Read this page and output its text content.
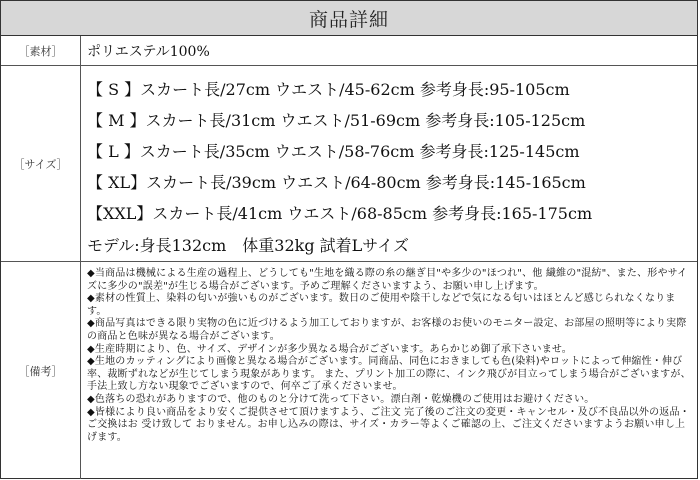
商品詳細
［素材］	ポリエステル100%
［サイズ］
【 S 】スカート長/27cm ウエスト/45-62cm 参考身長:95-105cm
【 M 】スカート長/31cm ウエスト/51-69cm 参考身長:105-125cm
【 L 】スカート長/35cm ウエスト/58-76cm 参考身長:125-145cm
【 XL】スカート長/39cm ウエスト/64-80cm 参考身長:145-165cm
【XXL】スカート長/41cm ウエスト/68-85cm 参考身長:165-175cm
モデル:身長132cm　体重32kg 試着Lサイズ
［備考］

◆当商品は機械による生産の過程上、どうしても"生地を織る際の糸の継ぎ目"や多少の"ほつれ"、他 繊維の"混紡"、また、形やサイズに多少の"誤差"が生じる場合がございます。予めご理解くださいますよう、お願い申し上げます。

◆素材の性質上、染料の匂いが強いものがございます。数日のご使用や陰干しなどで気になる匂いはほとんど感じられなくなります。

◆商品写真はできる限り実物の色に近づけるよう加工しておりますが、お客様のお使いのモニター設定、お部屋の照明等により実際の商品と色味が異なる場合がございます。

◆生産時期により、色、サイズ、デザインが多少異なる場合がございます。あらかじめ御了承下さいませ。

◆生地のカッティングにより画像と異なる場合がございます。同商品、同色におきましても色(染料)やロットによって伸縮性・伸び率、裁断ずれなどが生じてしまう現象があります。 また、プリント加工の際に、インク飛びが目立ってしまう場合がございますが、手法上致し方ない現象でございますので、何卒ご了承くださいませ。

◆色落ちの恐れがありますので、他のものと分けて洗って下さい。漂白剤・乾燥機のご使用はお避けください。

◆皆様により良い商品をより安くご提供させて頂けますよう、ご注文 完了後のご注文の変更・キャンセル・及び不良品以外の返品・ご交換はお 受け致して おりません。お申し込みの際は、サイズ・カラー等よくご確認の上、ご注文くださいますようお願い申し上げます。
